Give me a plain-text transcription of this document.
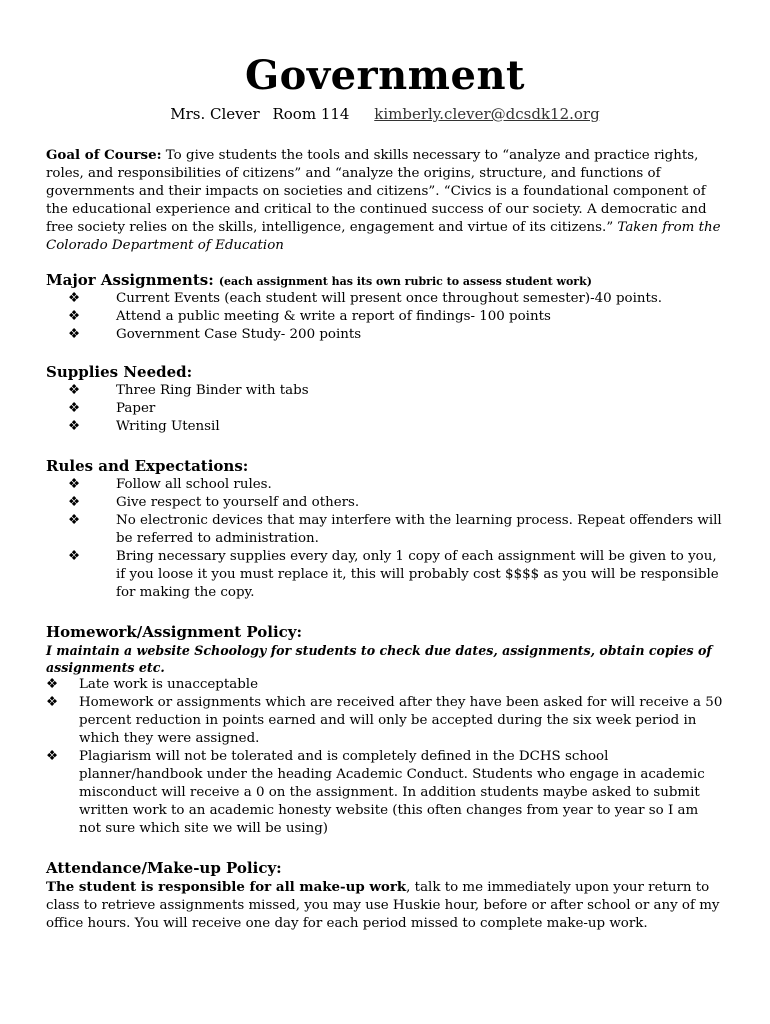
Government
Mrs. Clever Room 114 kimberly.clever@dcsdk12.org

Goal of Course: To give students the tools and skills necessary to “analyze and practice rights, roles, and responsibilities of citizens” and “analyze the origins, structure, and functions of governments and their impacts on societies and citizens”. “Civics is a foundational component of the educational experience and critical to the continued success of our society. A democratic and free society relies on the skills, intelligence, engagement and virtue of its citizens.” Taken from the Colorado Department of Education

Major Assignments: (each assignment has its own rubric to assess student work)
❖	Current Events (each student will present once throughout semester)-40 points.
❖	Attend a public meeting & write a report of findings- 100 points
❖	Government Case Study- 200 points
Supplies Needed:
❖	Three Ring Binder with tabs
❖	Paper
❖	Writing Utensil
Rules and Expectations:
❖	Follow all school rules.
❖	Give respect to yourself and others.
❖	No electronic devices that may interfere with the learning process. Repeat offenders will be referred to administration.
❖	Bring necessary supplies every day, only 1 copy of each assignment will be given to you, if you loose it you must replace it, this will probably cost $$$$ as you will be responsible for making the copy.
Homework/Assignment Policy:

I maintain a website Schoology for students to check due dates, assignments, obtain copies of assignments etc.

❖ Late work is unacceptable
❖ Homework or assignments which are received after they have been asked for will receive a 50 percent reduction in points earned and will only be accepted during the six week period in which they were assigned.
❖ Plagiarism will not be tolerated and is completely defined in the DCHS school planner/handbook under the heading Academic Conduct. Students who engage in academic misconduct will receive a 0 on the assignment. In addition students maybe asked to submit written work to an academic honesty website (this often changes from year to year so I am not sure which site we will be using)
Attendance/Make-up Policy:

The student is responsible for all make-up work, talk to me immediately upon your return to class to retrieve assignments missed, you may use Huskie hour, before or after school or any of my office hours. You will receive one day for each period missed to complete make-up work.
